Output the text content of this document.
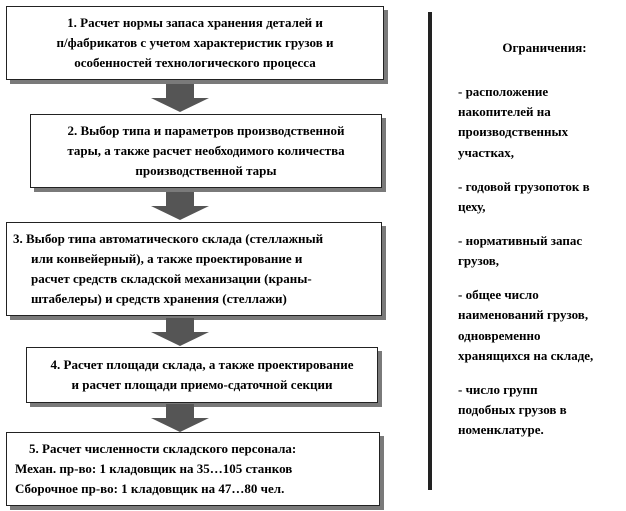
1. Расчет нормы запаса хранения деталей и
п/фабрикатов с учетом характеристик грузов и
особенностей технологического процесса
2. Выбор типа и параметров производственной
тары, а также расчет необходимого количества
производственной тары
3. Выбор типа автоматического склада (стеллажный
или конвейерный), а также проектирование и
расчет средств складской механизации (краны-
штабелеры) и средств хранения (стеллажи)
4. Расчет площади склада, а также проектирование
и расчет площади приемо-сдаточной секции
5. Расчет численности складского персонала:
Механ. пр-во: 1 кладовщик на 35…105 станков
Сборочное пр-во: 1 кладовщик на 47…80 чел.
Ограничения:
- расположение
накопителей на
производственных
участках,
- годовой грузопоток в
цеху,
- нормативный запас
грузов,
- общее число
наименований грузов,
одновременно
хранящихся на складе,
- число групп
подобных грузов в
номенклатуре.
